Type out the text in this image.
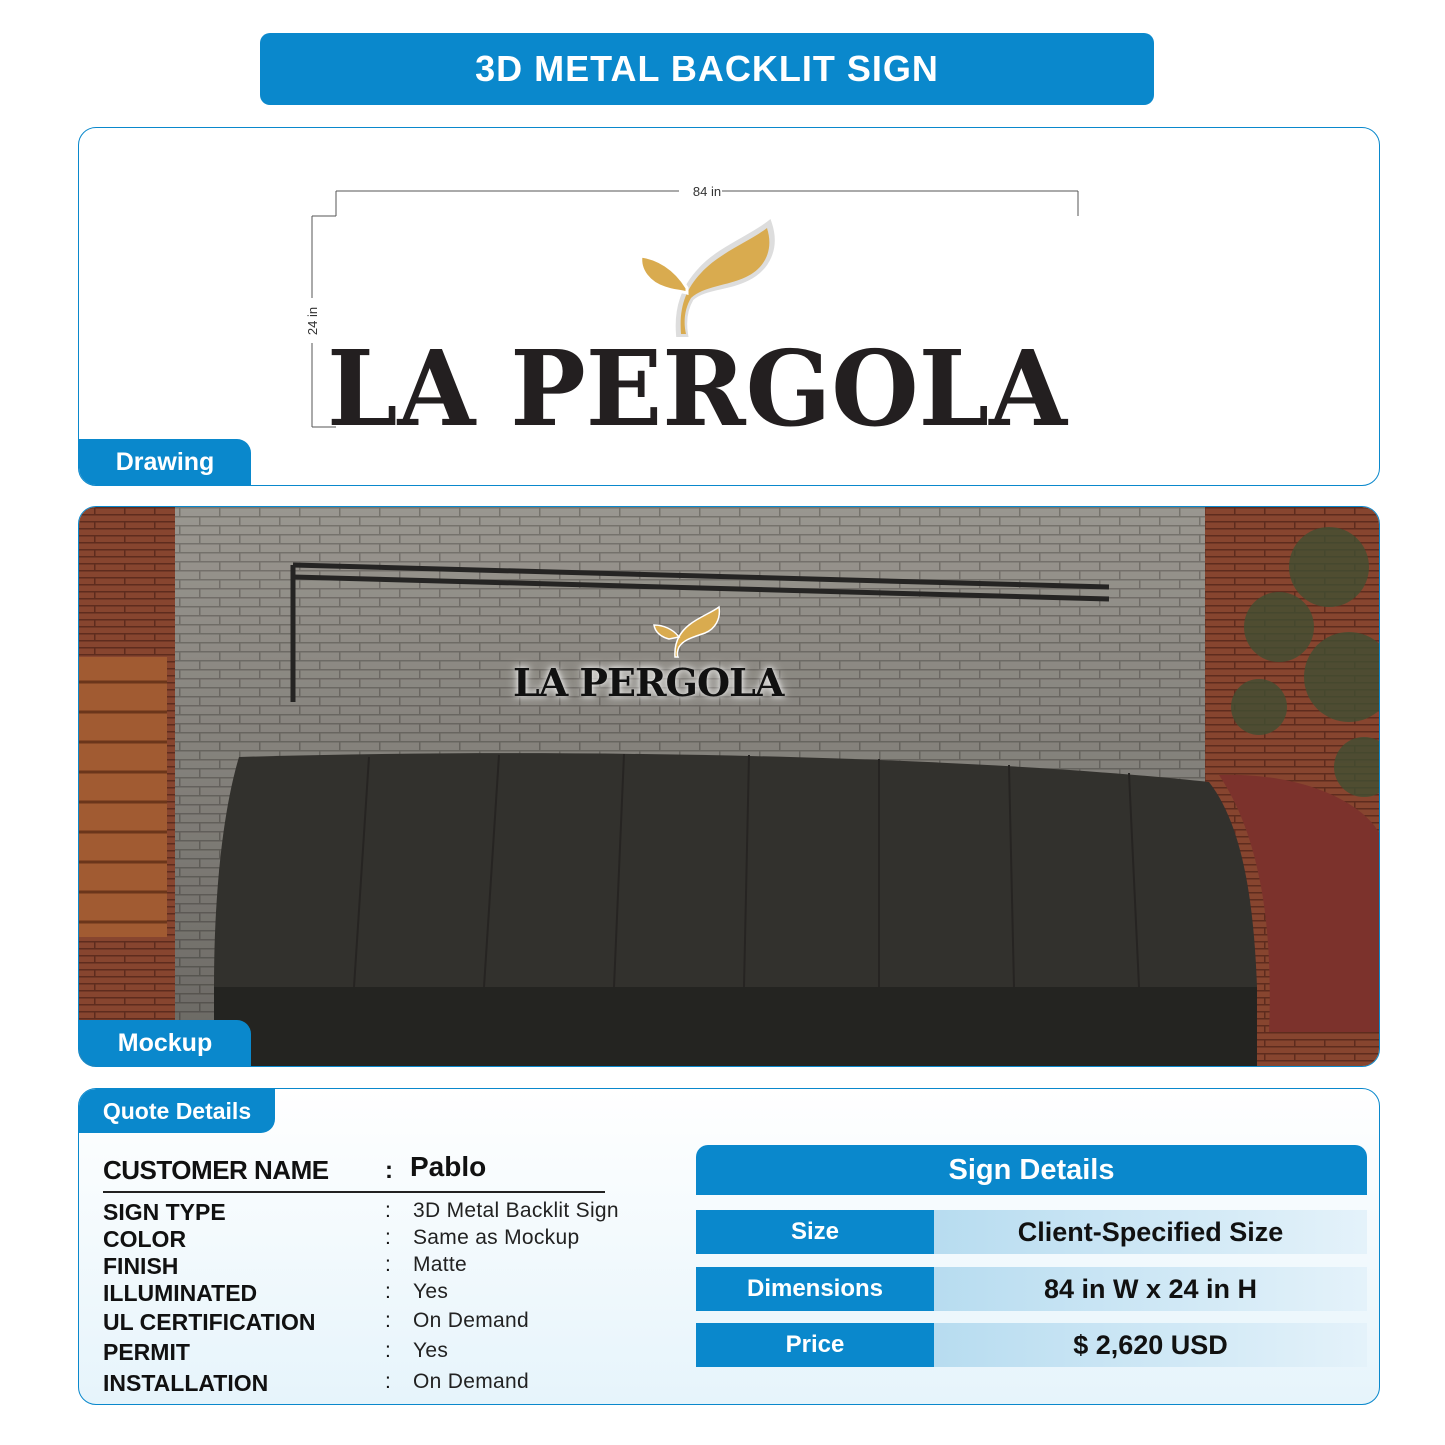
3D METAL BACKLIT SIGN
84 in
24 in
LA PERGOLA
Drawing
LA PERGOLA
Mockup
Quote Details
CUSTOMER NAME : Pablo
SIGN TYPE	: 3D Metal Backlit Sign
COLOR	: Same as Mockup
FINISH	: Matte
ILLUMINATED	: Yes
UL CERTIFICATION	: On Demand
PERMIT	: Yes
INSTALLATION	: On Demand
Sign Details
Size	Client-Specified Size
Dimensions	84 in W x 24 in H
Price	$ 2,620 USD
